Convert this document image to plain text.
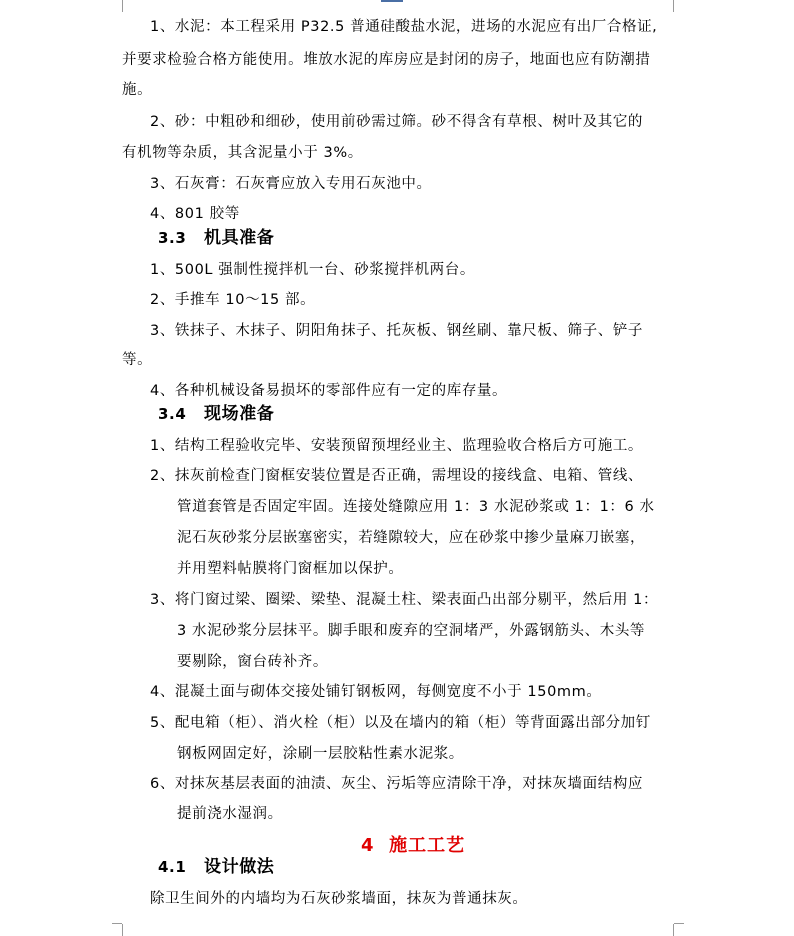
1、水泥：本工程采用 P32.5 普通硅酸盐水泥，进场的水泥应有出厂合格证,
并要求检验合格方能使用。堆放水泥的库房应是封闭的房子，地面也应有防潮措
施。
2、砂：中粗砂和细砂，使用前砂需过筛。砂不得含有草根、树叶及其它的
有机物等杂质，其含泥量小于 3%。
3、石灰膏：石灰膏应放入专用石灰池中。
4、801 胶等
3.3 机具准备
1、500L 强制性搅拌机一台、砂浆搅拌机两台。
2、手推车 10～15 部。
3、铁抹子、木抹子、阴阳角抹子、托灰板、钢丝刷、靠尺板、筛子、铲子
等。
4、各种机械设备易损坏的零部件应有一定的库存量。
3.4 现场准备
1、结构工程验收完毕、安装预留预埋经业主、监理验收合格后方可施工。
2、抹灰前检查门窗框安装位置是否正确，需埋设的接线盒、电箱、管线、
管道套管是否固定牢固。连接处缝隙应用 1：3 水泥砂浆或 1：1：6 水
泥石灰砂浆分层嵌塞密实，若缝隙较大，应在砂浆中掺少量麻刀嵌塞，
并用塑料帖膜将门窗框加以保护。
3、将门窗过梁、圈梁、梁垫、混凝土柱、梁表面凸出部分剔平，然后用 1：
3 水泥砂浆分层抹平。脚手眼和废弃的空洞堵严，外露钢筋头、木头等
要剔除，窗台砖补齐。
4、混凝土面与砌体交接处铺钉钢板网，每侧宽度不小于 150mm。
5、配电箱（柜）、消火栓（柜）以及在墙内的箱（柜）等背面露出部分加钉
钢板网固定好，涂刷一层胶粘性素水泥浆。
6、对抹灰基层表面的油渍、灰尘、污垢等应清除干净，对抹灰墙面结构应
提前浇水湿润。
4 施工工艺
4.1 设计做法
除卫生间外的内墙均为石灰砂浆墙面，抹灰为普通抹灰。
